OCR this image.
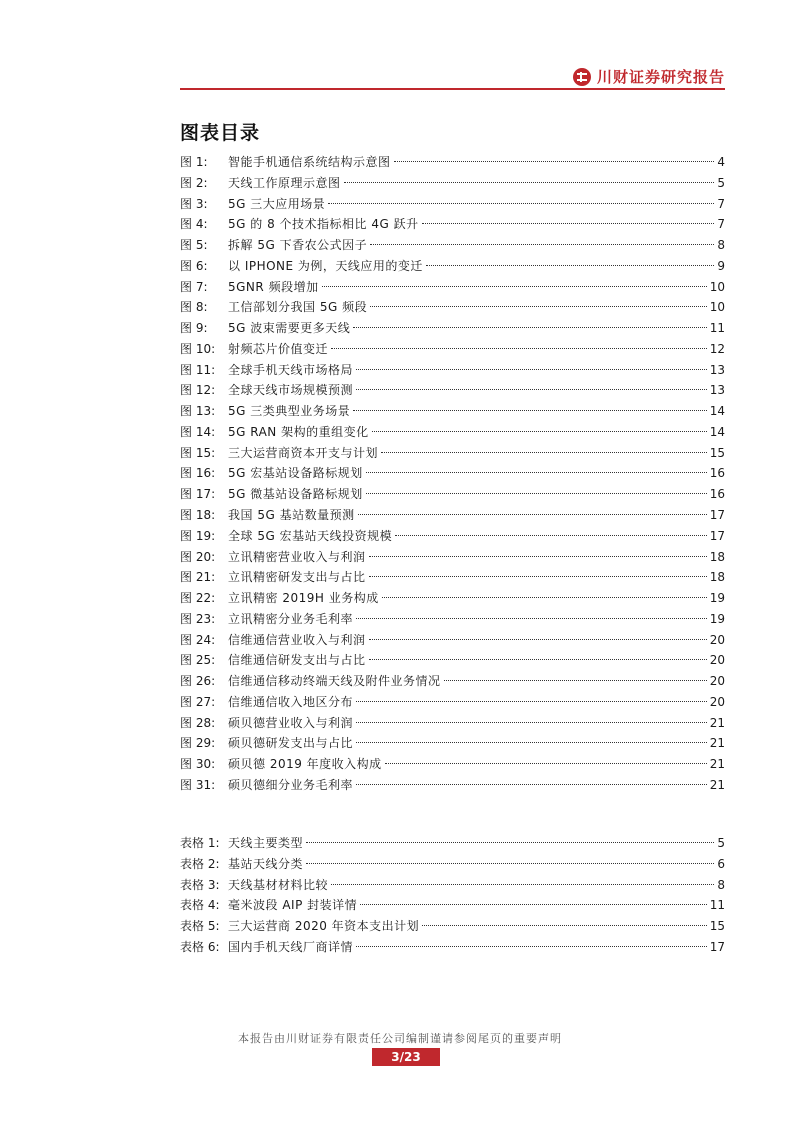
川财证券研究报告
图表目录
图 1:	智能手机通信系统结构示意图	4
图 2:	天线工作原理示意图	5
图 3:	5G 三大应用场景	7
图 4:	5G 的 8 个技术指标相比 4G 跃升	7
图 5:	拆解 5G 下香农公式因子	8
图 6:	以 IPHONE 为例，天线应用的变迁	9
图 7:	5GNR 频段增加	10
图 8:	工信部划分我国 5G 频段	10
图 9:	5G 波束需要更多天线	11
图 10:	射频芯片价值变迁	12
图 11:	全球手机天线市场格局	13
图 12:	全球天线市场规模预测	13
图 13:	5G 三类典型业务场景	14
图 14:	5G RAN 架构的重组变化	14
图 15:	三大运营商资本开支与计划	15
图 16:	5G 宏基站设备路标规划	16
图 17:	5G 微基站设备路标规划	16
图 18:	我国 5G 基站数量预测	17
图 19:	全球 5G 宏基站天线投资规模	17
图 20:	立讯精密营业收入与利润	18
图 21:	立讯精密研发支出与占比	18
图 22:	立讯精密 2019H 业务构成	19
图 23:	立讯精密分业务毛利率	19
图 24:	信维通信营业收入与利润	20
图 25:	信维通信研发支出与占比	20
图 26:	信维通信移动终端天线及附件业务情况	20
图 27:	信维通信收入地区分布	20
图 28:	硕贝德营业收入与利润	21
图 29:	硕贝德研发支出与占比	21
图 30:	硕贝德 2019 年度收入构成	21
图 31:	硕贝德细分业务毛利率	21
表格 1: 天线主要类型	5
表格 2: 基站天线分类	6
表格 3: 天线基材材料比较	8
表格 4: 毫米波段 AIP 封装详情	11
表格 5: 三大运营商 2020 年资本支出计划	15
表格 6: 国内手机天线厂商详情	17
本报告由川财证券有限责任公司编制谨请参阅尾页的重要声明
3/23
